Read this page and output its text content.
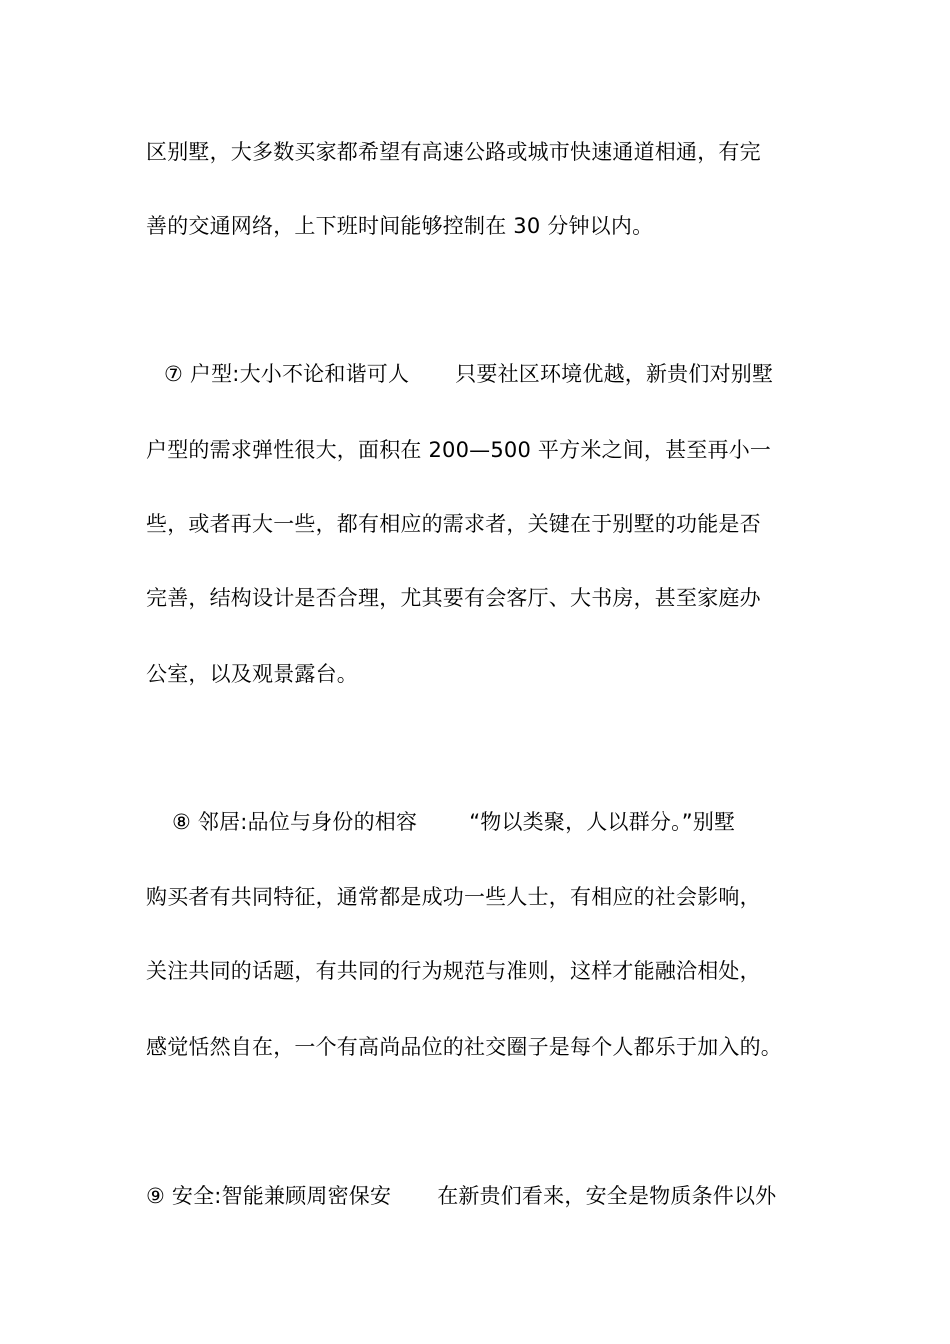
区别墅，大多数买家都希望有高速公路或城市快速通道相通，有完
善的交通网络，上下班时间能够控制在 30 分钟以内。
⑦ 户型:大小不论和谐可人 只要社区环境优越，新贵们对别墅
户型的需求弹性很大，面积在 200—500 平方米之间，甚至再小一
些，或者再大一些，都有相应的需求者，关键在于别墅的功能是否
完善，结构设计是否合理，尤其要有会客厅、大书房，甚至家庭办
公室，以及观景露台。
⑧ 邻居:品位与身份的相容 “物以类聚，人以群分。”别墅
购买者有共同特征，通常都是成功一些人士，有相应的社会影响，
关注共同的话题，有共同的行为规范与准则，这样才能融洽相处，
感觉恬然自在，一个有高尚品位的社交圈子是每个人都乐于加入的。
⑨ 安全:智能兼顾周密保安 在新贵们看来，安全是物质条件以外
